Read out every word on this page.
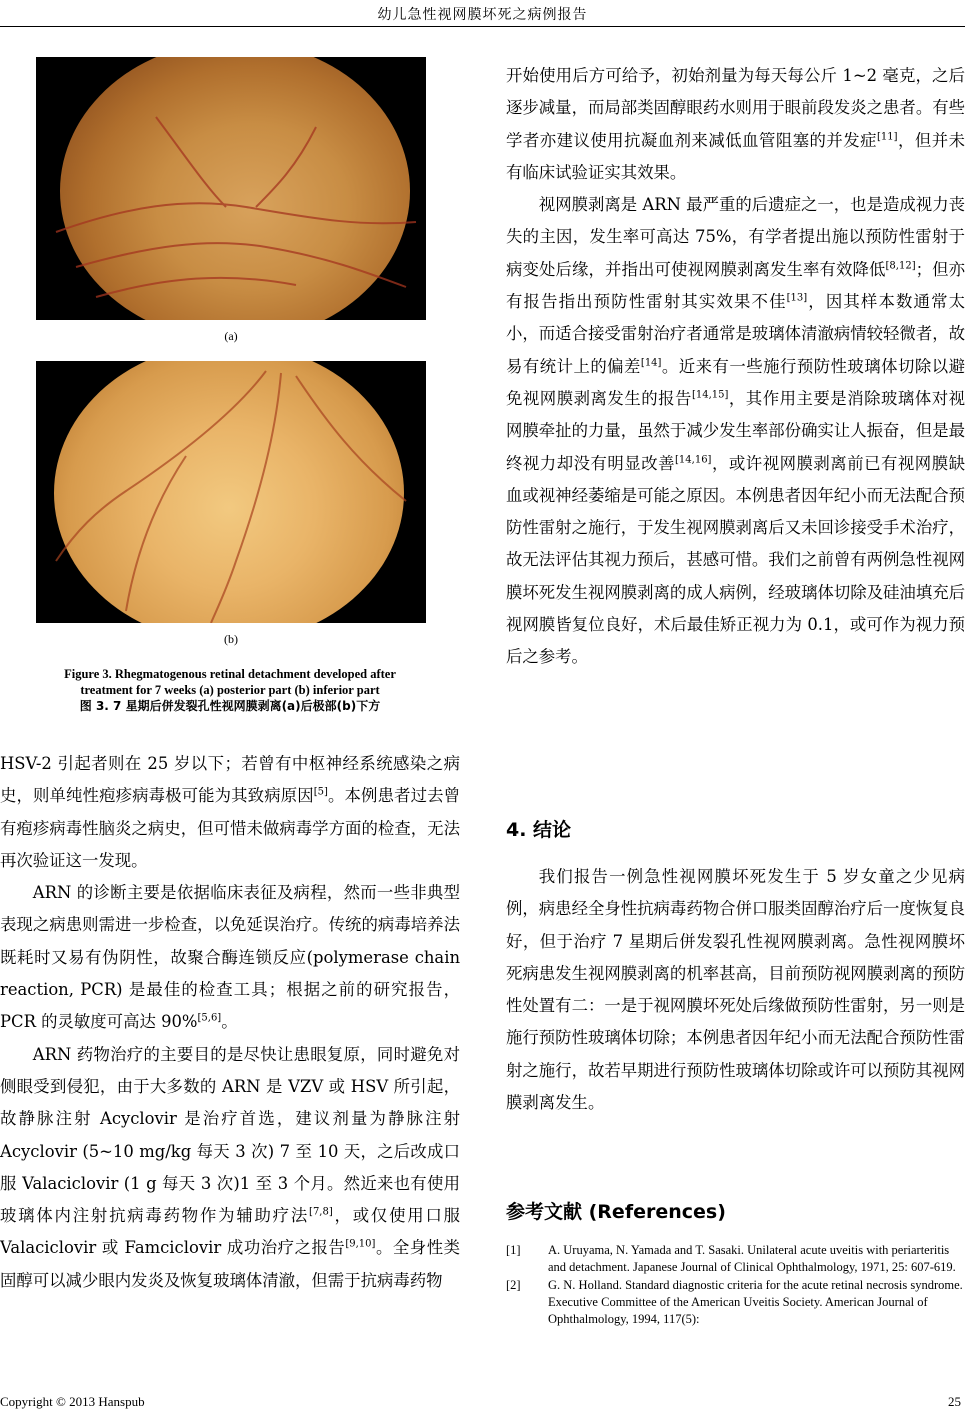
幼儿急性视网膜坏死之病例报告
(a)
(b)
Figure 3. Rhegmatogenous retinal detachment developed after
treatment for 7 weeks (a) posterior part (b) inferior part
图 3. 7 星期后併发裂孔性视网膜剥离(a)后极部(b)下方

HSV-2 引起者则在 25 岁以下；若曾有中枢神经系统感染之病史，则单纯性疱疹病毒极可能为其致病原因[5]。本例患者过去曾有疱疹病毒性脑炎之病史，但可惜未做病毒学方面的检查，无法再次验证这一发现。

ARN 的诊断主要是依据临床表征及病程，然而一些非典型表现之病患则需进一步检查，以免延误治疗。传统的病毒培养法既耗时又易有伪阴性，故聚合酶连锁反应(polymerase chain reaction, PCR) 是最佳的检查工具；根据之前的研究报告，PCR 的灵敏度可高达 90%[5,6]。

ARN 药物治疗的主要目的是尽快让患眼复原，同时避免对侧眼受到侵犯，由于大多数的 ARN 是 VZV 或 HSV 所引起，故静脉注射 Acyclovir 是治疗首选，建议剂量为静脉注射 Acyclovir (5~10 mg/kg 每天 3 次) 7 至 10 天，之后改成口服 Valaciclovir (1 g 每天 3 次)1 至 3 个月。然近来也有使用玻璃体内注射抗病毒药物作为辅助疗法[7,8]，或仅使用口服 Valaciclovir 或 Famciclovir 成功治疗之报告[9,10]。全身性类固醇可以减少眼内发炎及恢复玻璃体清澈，但需于抗病毒药物

开始使用后方可给予，初始剂量为每天每公斤 1~2 毫克，之后逐步减量，而局部类固醇眼药水则用于眼前段发炎之患者。有些学者亦建议使用抗凝血剂来减低血管阻塞的并发症[11]，但并未有临床试验证实其效果。

视网膜剥离是 ARN 最严重的后遗症之一，也是造成视力丧失的主因，发生率可高达 75%，有学者提出施以预防性雷射于病变处后缘，并指出可使视网膜剥离发生率有效降低[8,12]；但亦有报告指出预防性雷射其实效果不佳[13]，因其样本数通常太小，而适合接受雷射治疗者通常是玻璃体清澈病情较轻微者，故易有统计上的偏差[14]。近来有一些施行预防性玻璃体切除以避免视网膜剥离发生的报告[14,15]，其作用主要是消除玻璃体对视网膜牵扯的力量，虽然于减少发生率部份确实让人振奋，但是最终视力却没有明显改善[14,16]，或许视网膜剥离前已有视网膜缺血或视神经萎缩是可能之原因。本例患者因年纪小而无法配合预防性雷射之施行，于发生视网膜剥离后又未回诊接受手术治疗，故无法评估其视力预后，甚感可惜。我们之前曾有两例急性视网膜坏死发生视网膜剥离的成人病例，经玻璃体切除及硅油填充后视网膜皆复位良好，术后最佳矫正视力为 0.1，或可作为视力预后之参考。

4. 结论

我们报告一例急性视网膜坏死发生于 5 岁女童之少见病例，病患经全身性抗病毒药物合併口服类固醇治疗后一度恢复良好，但于治疗 7 星期后併发裂孔性视网膜剥离。急性视网膜坏死病患发生视网膜剥离的机率甚高，目前预防视网膜剥离的预防性处置有二：一是于视网膜坏死处后缘做预防性雷射，另一则是施行预防性玻璃体切除；本例患者因年纪小而无法配合预防性雷射之施行，故若早期进行预防性玻璃体切除或许可以预防其视网膜剥离发生。

参考文献 (References)
[1] A. Uruyama, N. Yamada and T. Sasaki. Unilateral acute uveitis with periarteritis and detachment. Japanese Journal of Clinical Ophthalmology, 1971, 25: 607-619.
[2] G. N. Holland. Standard diagnostic criteria for the acute retinal necrosis syndrome. Executive Committee of the American Uveitis Society. American Journal of Ophthalmology, 1994, 117(5):
Copyright © 2013 Hanspub	25
